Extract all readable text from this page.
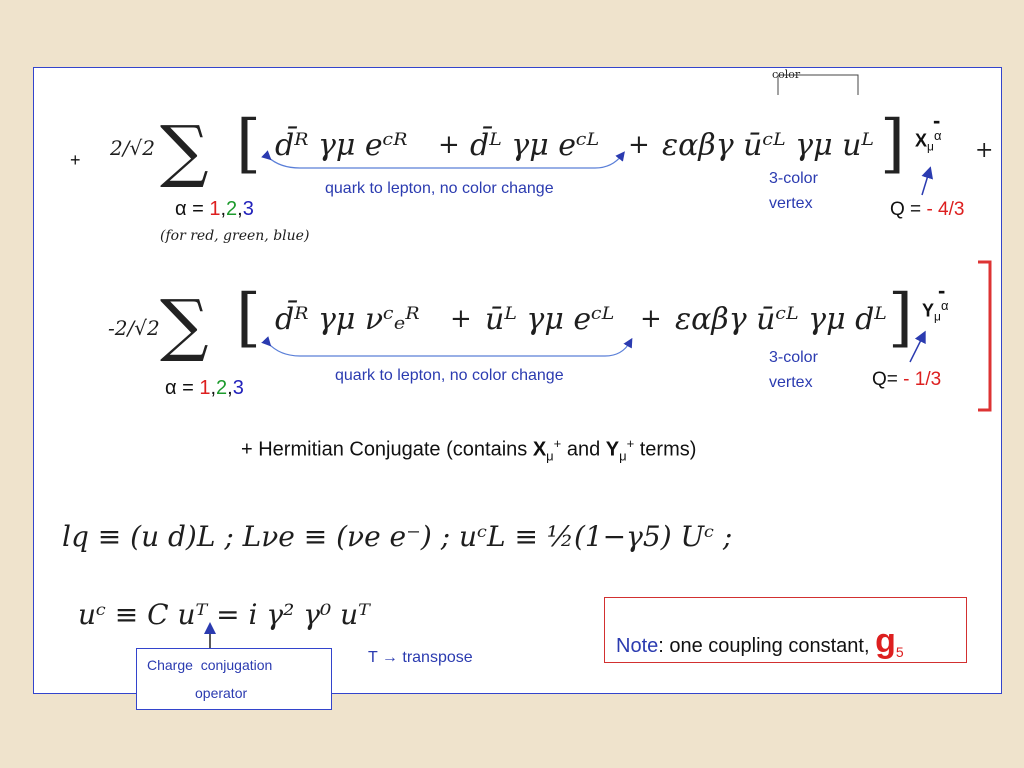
+ 2/√2 ∑ [ d̄ᴿ γμ eᶜᴿ + d̄ᴸ γμ eᶜᴸ + εαβγ ūᶜᴸ γμ uᴸ ]
color
$X_\mu^\alpha$
-
+
quark to lepton, no color change
3-color
vertex	Q = - 4/3
α = 1,2,3
(for red, green, blue)
-2/√2 ∑ [ d̄ᴿ γμ νᶜₑᴿ + ūᴸ γμ eᶜᴸ + εαβγ ūᶜᴸ γμ dᴸ ] $Y_\mu^\alpha$
-
quark to lepton, no color change
3-color
vertex	Q= - 1/3
α = 1,2,3
+ Hermitian Conjugate (contains $X_\mu^+$ and $Y_\mu^+$ terms)
lq ≡ (u d)L ; Lνe ≡ (νe e⁻) ; uᶜL ≡ ½(1−γ5) Uᶜ ;
uᶜ ≡ C uᵀ = i γ² γ⁰ uᵀ
Charge  conjugation
operator
T → transpose
Note: one coupling constant, $g_5$
